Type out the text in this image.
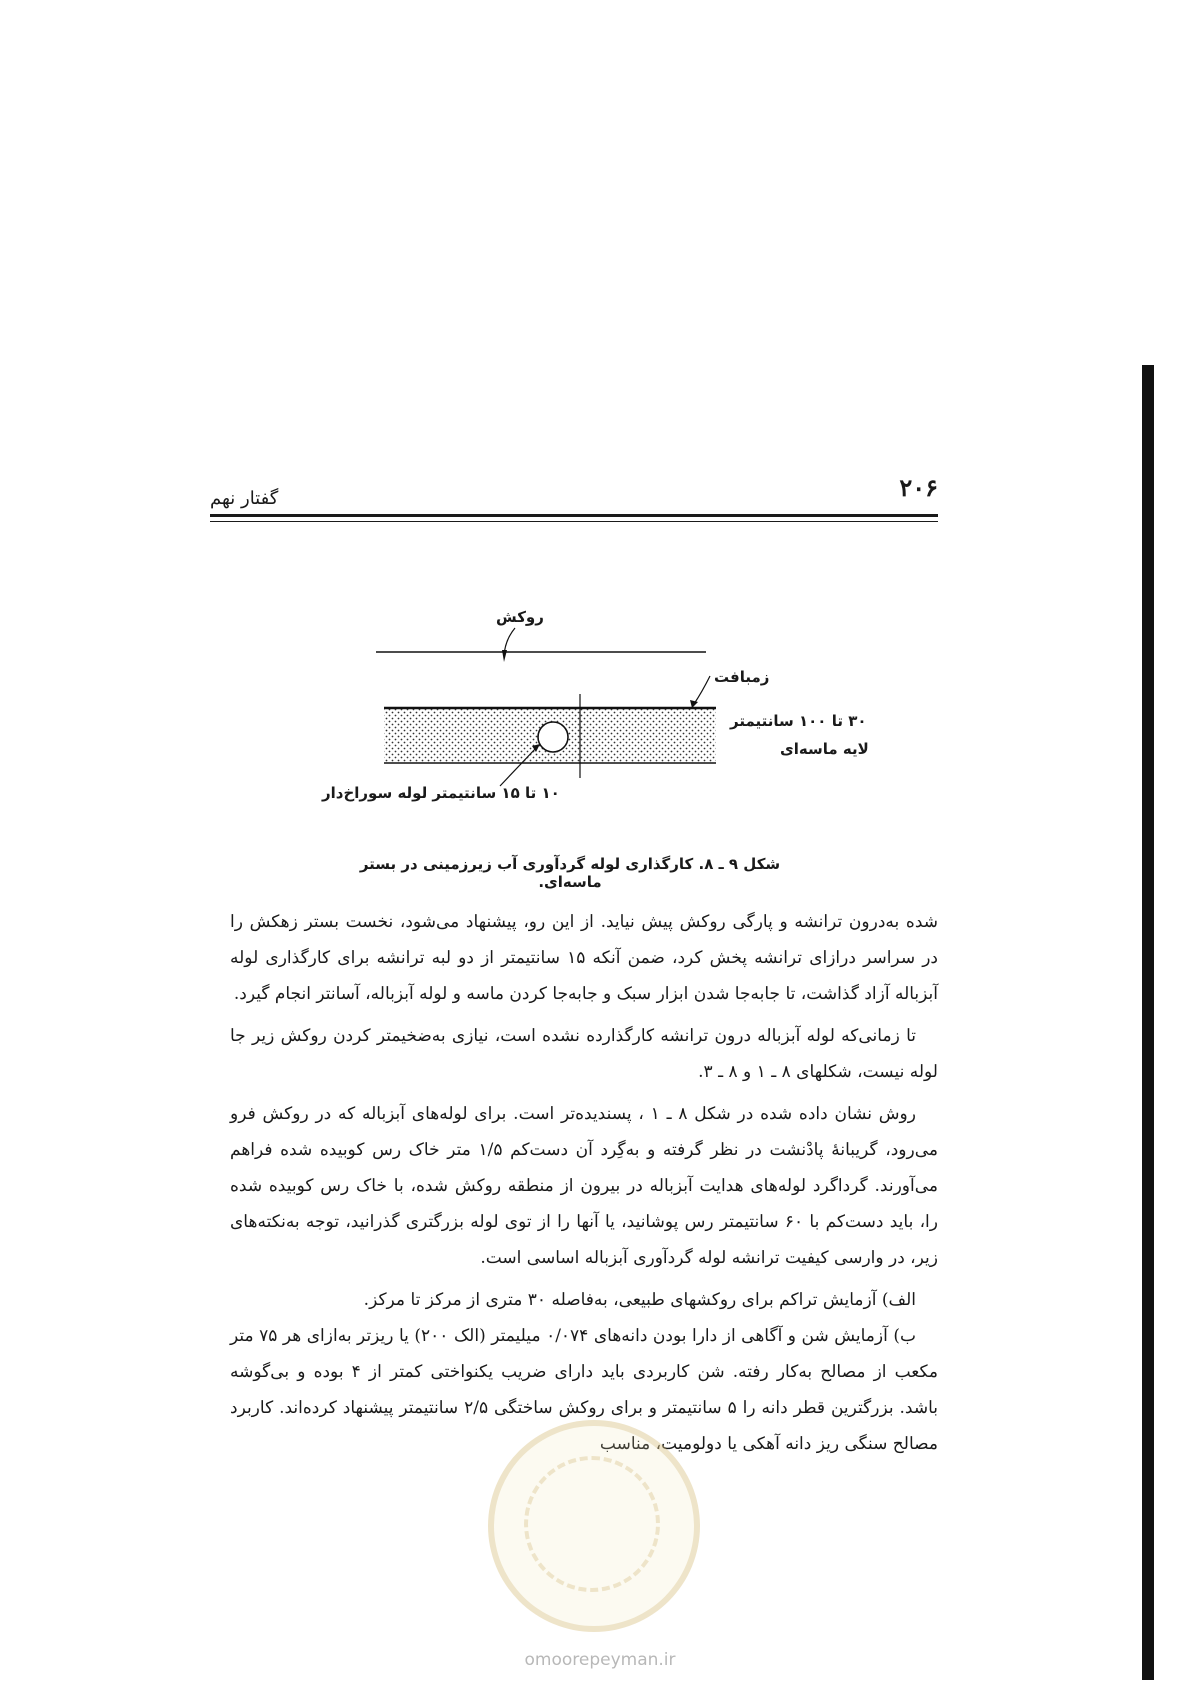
۲۰۶
گفتار نهم
روکش
زمبافت
۳۰ تا ۱۰۰ سانتیمتر
لایه ماسه‌ای
۱۰ تا ۱۵ سانتیمتر لوله سوراخ‌دار
شکل ۹ ـ ۸. کارگذاری لوله گرد‌آوری آب زیرزمینی در بستر ماسه‌ای.

شده به‌درون ترانشه و پارگی روکش پیش نیاید. از این رو، پیشنهاد می‌شود، نخست بستر زهکش را در سراسر درازای ترانشه پخش کرد، ضمن آنکه ۱۵ سانتیمتر از دو لبه ترانشه برای کارگذاری لوله آبزباله آزاد گذاشت، تا جابه‌جا شدن ابزار سبک و جابه‌جا کردن ماسه و لوله آبزباله، آسانتر انجام گیرد.

تا زمانی‌که لوله آبزباله درون ترانشه کارگذارده نشده است، نیازی به‌ضخیمتر کردن روکش زیر جا لوله نیست، شکلهای ۸ ـ ۱ و ۸ ـ ۳.

روش نشان داده شده در شکل ۸ ـ ۱ ، پسندیده‌تر است. برای لوله‌های آبزباله که در روکش فرو می‌رود، گریبانهٔ پادْنشت در نظر گرفته و به‌گِرد آن دست‌کم ۱/۵ متر خاک رس کوبیده شده فراهم می‌آورند. گرداگرد لوله‌های هدایت آبزباله در بیرون از منطقه روکش شده، با خاک رس کوبیده شده را، باید دست‌کم با ۶۰ سانتیمتر رس پوشانید، یا آنها را از توی لوله بزرگتری گذرانید، توجه به‌نکته‌های زیر، در وارسی کیفیت ترانشه لوله گردآوری آبزباله اساسی است.

الف) آزمایش تراکم برای روکشهای طبیعی، به‌فاصله ۳۰ متری از مرکز تا مرکز.

ب) آزمایش شن و آگاهی از دارا بودن دانه‌های ۰/۰۷۴ میلیمتر (الک ۲۰۰) یا ریزتر به‌ازای هر ۷۵ متر مکعب از مصالح به‌کار رفته. شن کاربردی باید دارای ضریب یکنواختی کمتر از ۴ بوده و بی‌گوشه باشد. بزرگترین قطر دانه را ۵ سانتیمتر و برای روکش ساختگی ۲/۵ سانتیمتر پیشنهاد کرده‌اند. کاربرد مصالح سنگی ریز دانه آهکی یا دولومیت، مناسب

omoorepeyman.ir
